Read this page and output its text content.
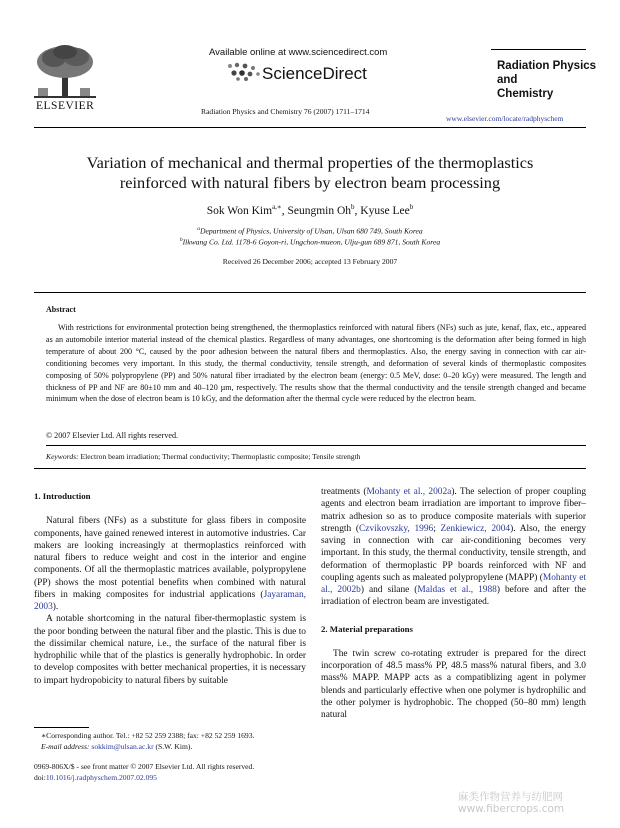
ELSEVIER
Available online at www.sciencedirect.com
ScienceDirect
Radiation Physics and Chemistry 76 (2007) 1711–1714
Radiation Physics
and
Chemistry
www.elsevier.com/locate/radphyschem
Variation of mechanical and thermal properties of the thermoplastics
reinforced with natural fibers by electron beam processing
Sok Won Kim$^{a,∗}$, Seungmin Oh$^b$, Kyuse Lee$^b$
$^a$Department of Physics, University of Ulsan, Ulsan 680 749, South Korea
$^b$Ilkwang Co. Ltd. 1178-6 Goyon-ri, Ungchon-mueon, Ulju-gun 689 871, South Korea
Received 26 December 2006; accepted 13 February 2007
Abstract
With restrictions for environmental protection being strengthened, the thermoplastics reinforced with natural fibers (NFs) such as jute, kenaf, flax, etc., appeared as an automobile interior material instead of the chemical plastics. Regardless of many advantages, one shortcoming is the deformation after being formed in high temperature of about 200 °C, caused by the poor adhesion between the natural fibers and thermoplastics. Also, the energy saving in connection with car air-conditioning becomes very important. In this study, the thermal conductivity, tensile strength, and deformation of several kinds of thermoplastic composites composing of 50% polypropylene (PP) and 50% natural fiber irradiated by the electron beam (energy: 0.5 MeV, dose: 0–20 kGy) were measured. The length and thickness of PP and NF are 80±10 mm and 40–120 µm, respectively. The results show that the thermal conductivity and the tensile strength changed and became minimum when the dose of electron beam is 10 kGy, and the deformation after the thermal cycle were reduced by the electron beam.
© 2007 Elsevier Ltd. All rights reserved.
Keywords: Electron beam irradiation; Thermal conductivity; Thermoplastic composite; Tensile strength

1. Introduction

Natural fibers (NFs) as a substitute for glass fibers in composite components, have gained renewed interest in automotive industries. Car makers are looking increasingly at thermoplastics reinforced with natural fibers to reduce weight and cost in the interior and engine components. Of all the thermoplastic matrices available, polypropylene (PP) shows the most potential benefits when combined with natural fibers in making composites for industrial applications (Jayaraman, 2003).

A notable shortcoming in the natural fiber-thermoplastic system is the poor bonding between the natural fiber and the plastic. This is due to the dissimilar chemical nature, i.e., the surface of the natural fiber is hydrophilic while that of the plastics is generally hydrophobic. In order to develop composites with better mechanical properties, it is necessary to impart hydropobicity to natural fibers by suitable

∗Corresponding author. Tel.: +82 52 259 2388; fax: +82 52 259 1693.
E-mail address: sokkim@ulsan.ac.kr (S.W. Kim).
0969-806X/$ - see front matter © 2007 Elsevier Ltd. All rights reserved.
doi:10.1016/j.radphyschem.2007.02.095

treatments (Mohanty et al., 2002a). The selection of proper coupling agents and electron beam irradiation are important to improve fiber–matrix adhesion so as to produce composite materials with superior strength (Czvikovszky, 1996; Zenkiewicz, 2004). Also, the energy saving in connection with car air-conditioning becomes very important. In this study, the thermal conductivity, tensile strength, and deformation of thermoplastic PP boards reinforced with NF and coupling agents such as maleated polypropylene (MAPP) (Mohanty et al., 2002b) and silane (Maldas et al., 1988) before and after the irradiation of electron beam are investigated.

2. Material preparations

The twin screw co-rotating extruder is prepared for the direct incorporation of 48.5 mass% PP, 48.5 mass% natural fibers, and 3.0 mass% MAPP. MAPP acts as a compatiblizing agent in polymer blends and particularly effective when one polymer is hydrophilic and the other polymer is hydrophobic. The chopped (50–80 mm) length natural

麻类作物营养与纺肥网
www.fibercrops.com
